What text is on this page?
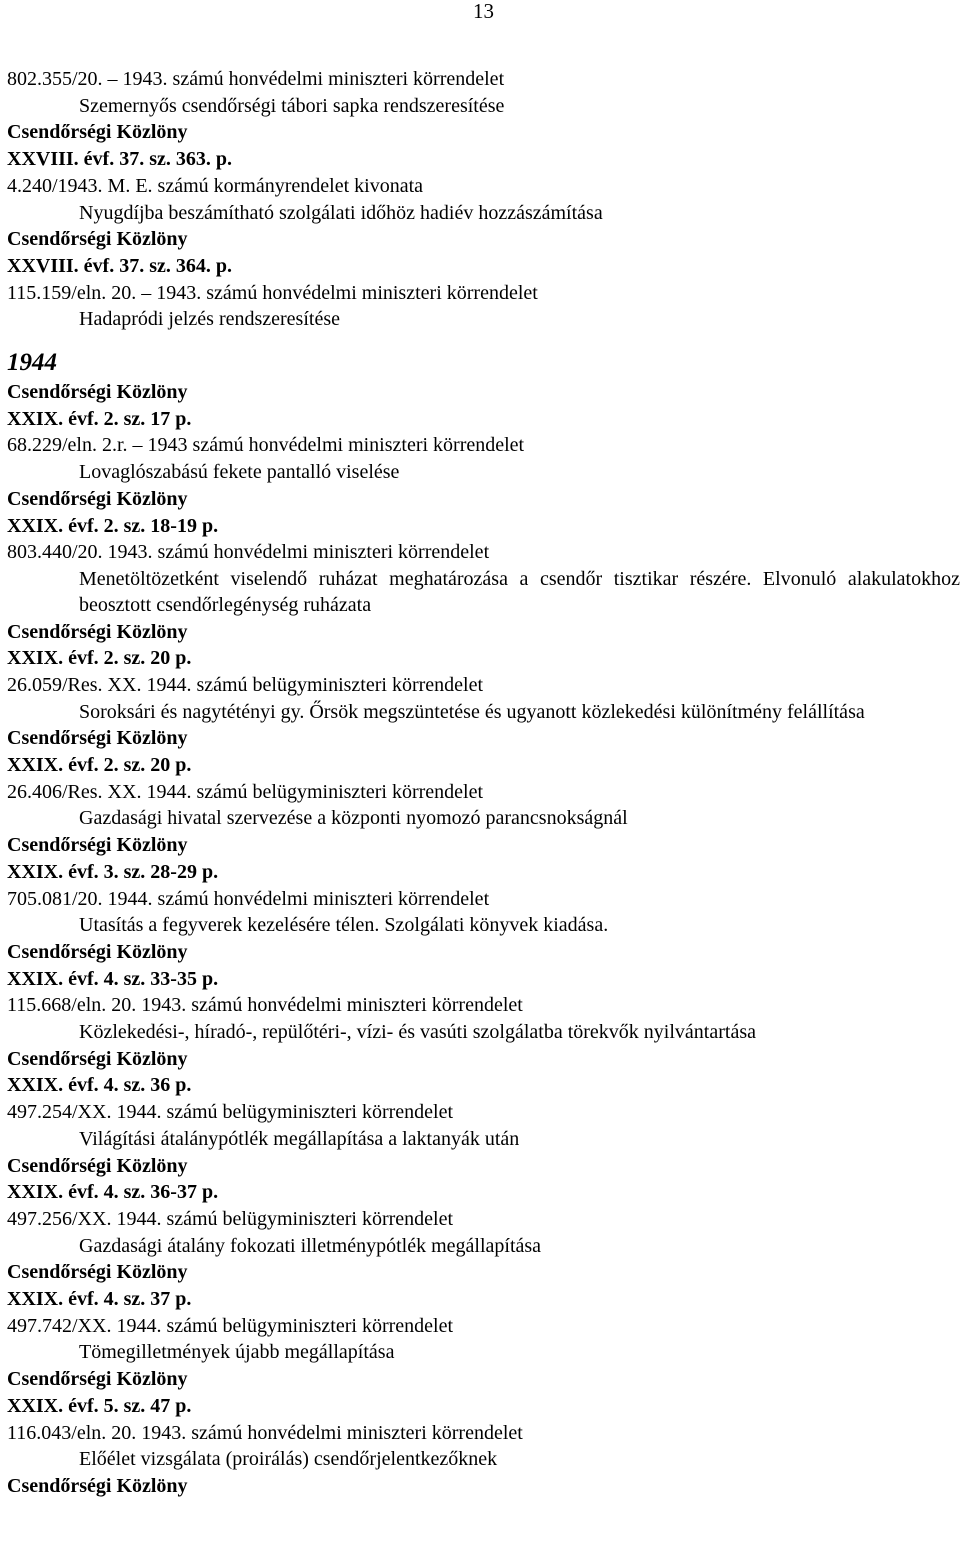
13

802.355/20. – 1943. számú honvédelmi miniszteri körrendelet

Szemernyős csendőrségi tábori sapka rendszeresítése

Csendőrségi Közlöny

XXVIII. évf. 37. sz. 363. p.

4.240/1943. M. E. számú kormányrendelet kivonata

Nyugdíjba beszámítható szolgálati időhöz hadiév hozzászámítása

Csendőrségi Közlöny

XXVIII. évf. 37. sz. 364. p.

115.159/eln. 20. – 1943. számú honvédelmi miniszteri körrendelet

Hadapródi jelzés rendszeresítése

1944

Csendőrségi Közlöny

XXIX. évf. 2. sz. 17 p.

68.229/eln. 2.r. – 1943 számú honvédelmi miniszteri körrendelet

Lovaglószabású fekete pantalló viselése

Csendőrségi Közlöny

XXIX. évf. 2. sz. 18-19 p.

803.440/20. 1943. számú honvédelmi miniszteri körrendelet

Menetöltözetként viselendő ruházat meghatározása a csendőr tisztikar részére. Elvonuló alakulatokhoz beosztott csendőrlegénység ruházata

Csendőrségi Közlöny

XXIX. évf. 2. sz. 20 p.

26.059/Res. XX. 1944. számú belügyminiszteri körrendelet

Soroksári és nagytétényi gy. Őrsök megszüntetése és ugyanott közlekedési különítmény felállítása

Csendőrségi Közlöny

XXIX. évf. 2. sz. 20 p.

26.406/Res. XX. 1944. számú belügyminiszteri körrendelet

Gazdasági hivatal szervezése a központi nyomozó parancsnokságnál

Csendőrségi Közlöny

XXIX. évf. 3. sz. 28-29 p.

705.081/20. 1944. számú honvédelmi miniszteri körrendelet

Utasítás a fegyverek kezelésére télen. Szolgálati könyvek kiadása.

Csendőrségi Közlöny

XXIX. évf. 4. sz. 33-35 p.

115.668/eln. 20. 1943. számú honvédelmi miniszteri körrendelet

Közlekedési-, híradó-, repülőtéri-, vízi- és vasúti szolgálatba törekvők nyilvántartása

Csendőrségi Közlöny

XXIX. évf. 4. sz. 36 p.

497.254/XX. 1944. számú belügyminiszteri körrendelet

Világítási átalánypótlék megállapítása a laktanyák után

Csendőrségi Közlöny

XXIX. évf. 4. sz. 36-37 p.

497.256/XX. 1944. számú belügyminiszteri körrendelet

Gazdasági átalány fokozati illetménypótlék megállapítása

Csendőrségi Közlöny

XXIX. évf. 4. sz. 37 p.

497.742/XX. 1944. számú belügyminiszteri körrendelet

Tömegilletmények újabb megállapítása

Csendőrségi Közlöny

XXIX. évf. 5. sz. 47 p.

116.043/eln. 20. 1943. számú honvédelmi miniszteri körrendelet

Előélet vizsgálata (proirálás) csendőrjelentkezőknek

Csendőrségi Közlöny
